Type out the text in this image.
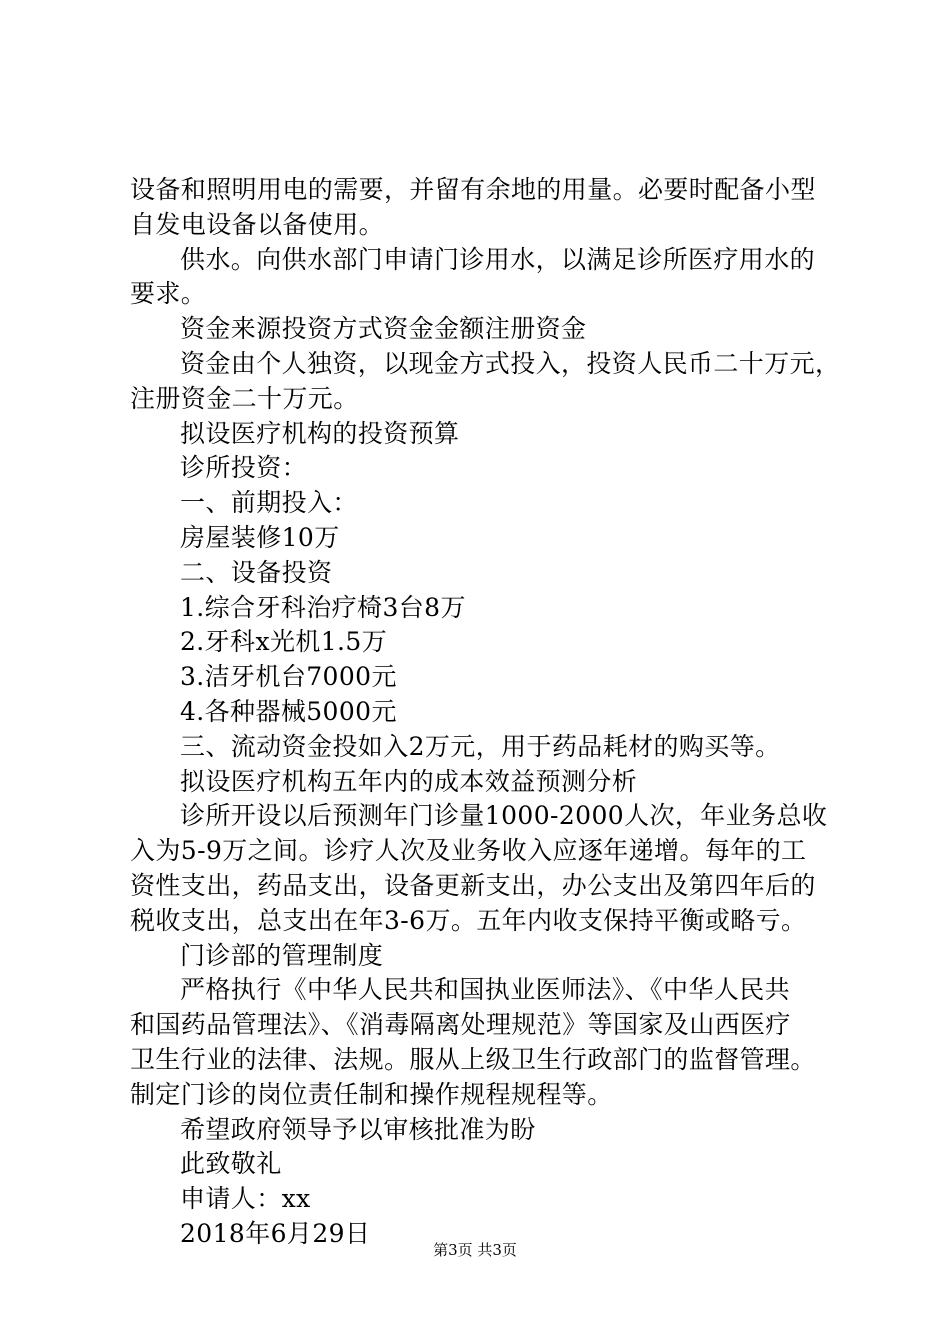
设备和照明用电的需要，并留有余地的用量。必要时配备小型
自发电设备以备使用。
供水。向供水部门申请门诊用水，以满足诊所医疗用水的
要求。
资金来源投资方式资金金额注册资金
资金由个人独资，以现金方式投入，投资人民币二十万元，
注册资金二十万元。
拟设医疗机构的投资预算
诊所投资：
一、前期投入：
房屋装修10万
二、设备投资
1.综合牙科治疗椅3台8万
2.牙科x光机1.5万
3.洁牙机台7000元
4.各种器械5000元
三、流动资金投如入2万元，用于药品耗材的购买等。
拟设医疗机构五年内的成本效益预测分析
诊所开设以后预测年门诊量1000-2000人次，年业务总收
入为5-9万之间。诊疗人次及业务收入应逐年递增。每年的工
资性支出，药品支出，设备更新支出，办公支出及第四年后的
税收支出，总支出在年3-6万。五年内收支保持平衡或略亏。
门诊部的管理制度
严格执行《中华人民共和国执业医师法》、《中华人民共
和国药品管理法》、《消毒隔离处理规范》等国家及山西医疗
卫生行业的法律、法规。服从上级卫生行政部门的监督管理。
制定门诊的岗位责任制和操作规程规程等。
希望政府领导予以审核批准为盼
此致敬礼
申请人：xx
2018年6月29日
第3页 共3页
